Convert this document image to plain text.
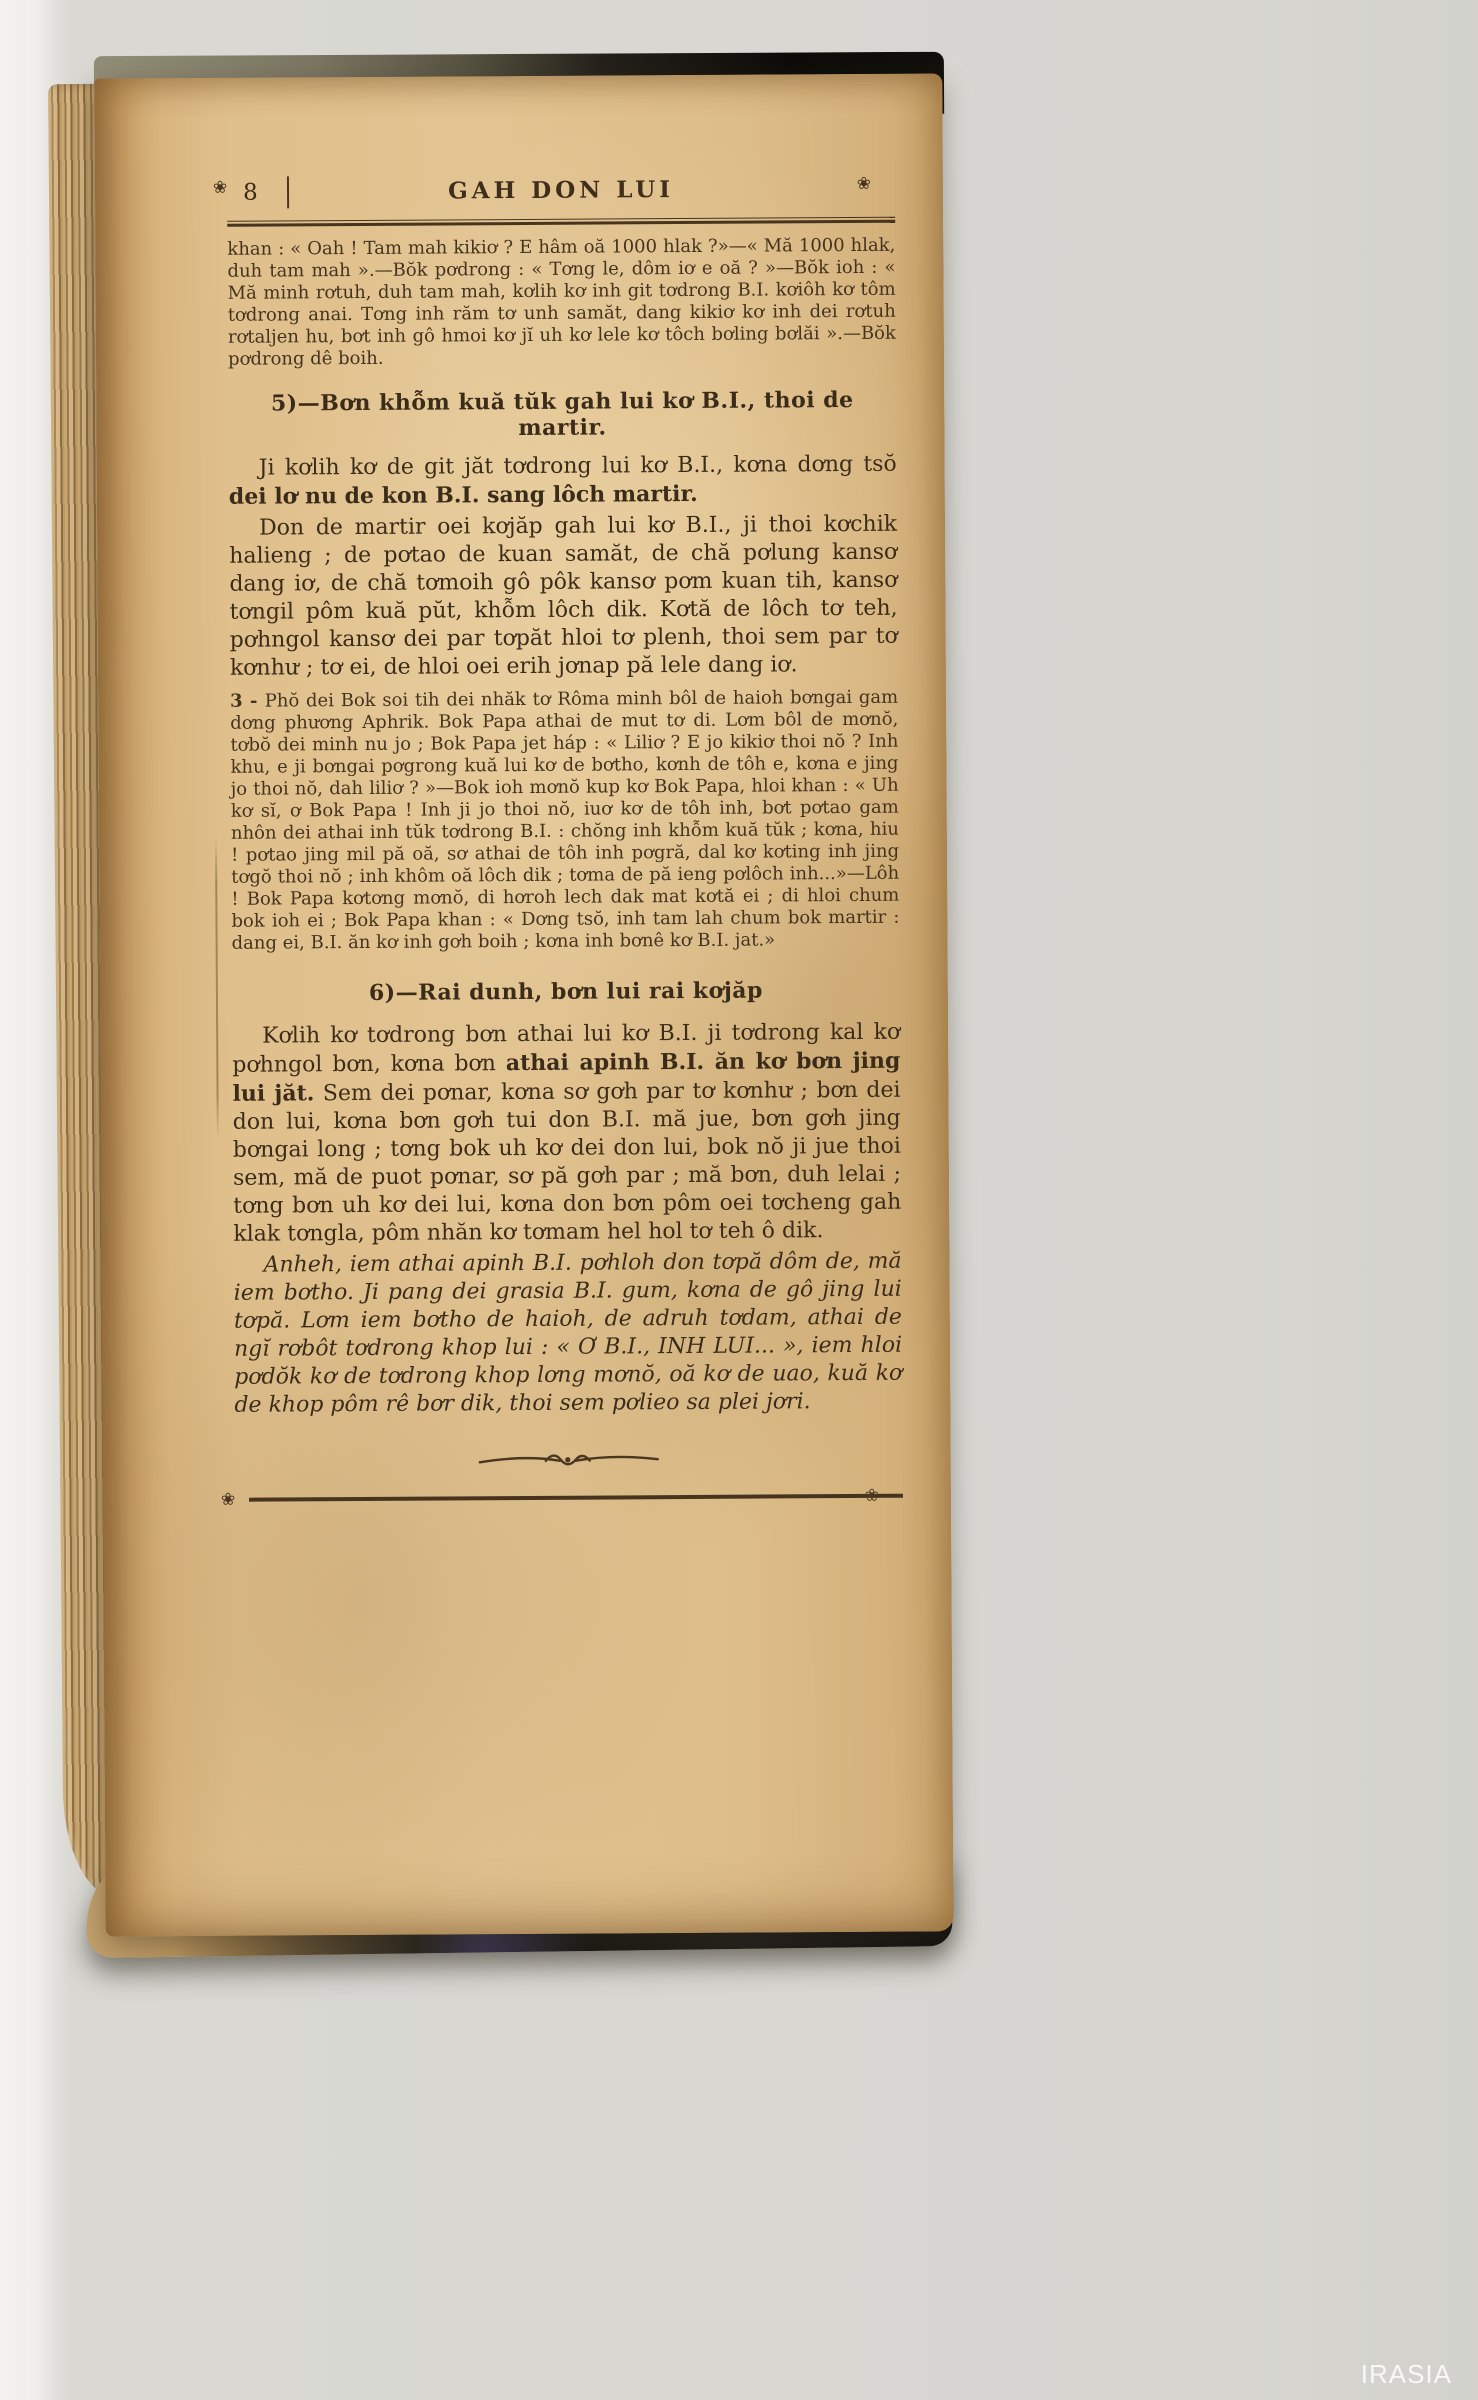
❀	❀
8	GAH DON LUI

khan : « Oah ! Tam mah kikiơ ? E hâm oă 1000 hlak ?»—« Mă 1000 hlak, duh tam mah ».—Bŏk pơdrong : « Tơng le, dôm iơ e oă ? »—Bŏk ioh : « Mă minh rơtuh, duh tam mah, kơlih kơ inh git tơdrong B.I. kơiôh kơ tôm tơdrong anai. Tơng inh răm tơ unh samăt, dang kikiơ kơ inh dei rơtuh rơtaljen hu, bơt inh gô hmoi kơ jĭ uh kơ lele kơ tôch bơling bơlăi ».—Bŏk pơdrong dê boih.

5)—Bơn khỗm kuă tŭk gah lui kơ B.I., thoi de martir.

Ji kơlih kơ de git jăt tơdrong lui kơ B.I., kơna dơng tsŏ dei lơ nu de kon B.I. sang lôch martir.

Don de martir oei kơjăp gah lui kơ B.I., ji thoi kơchik halieng ; de pơtao de kuan samăt, de chă pơlung kansơ dang iơ, de chă tơmoih gô pôk kansơ pơm kuan tih, kansơ tơngil pôm kuă pŭt, khỗm lôch dik. Kơtă de lôch tơ teh, pơhngol kansơ dei par tơpăt hloi tơ plenh, thoi sem par tơ kơnhư ; tơ ei, de hloi oei erih jơnap pă lele dang iơ.

3 - Phŏ dei Bok soi tih dei nhăk tơ Rôma minh bôl de haioh bơngai gam dơng phương Aphrik. Bok Papa athai de mut tơ di. Lơm bôl de mơnŏ, tơbŏ dei minh nu jo ; Bok Papa jet háp : « Liliơ ? E jo kikiơ thoi nŏ ? Inh khu, e ji bơngai pơgrong kuă lui kơ de bơtho, kơnh de tôh e, kơna e jing jo thoi nŏ, dah liliơ ? »—Bok ioh mơnŏ kup kơ Bok Papa, hloi khan : « Uh kơ sĭ, ơ Bok Papa ! Inh ji jo thoi nŏ, iuơ kơ de tôh inh, bơt pơtao gam nhôn dei athai inh tŭk tơdrong B.I. : chŏng inh khỗm kuă tŭk ; kơna, hiu ! pơtao jing mil pă oă, sơ athai de tôh inh pơgră, dal kơ kơting inh jing tơgŏ thoi nŏ ; inh khôm oă lôch dik ; tơma de pă ieng pơlôch inh...»—Lôh ! Bok Papa kơtơng mơnŏ, di hơroh lech dak mat kơtă ei ; di hloi chum bok ioh ei ; Bok Papa khan : « Dơng tsŏ, inh tam lah chum bok martir : dang ei, B.I. ăn kơ inh gơh boih ; kơna inh bơnê kơ B.I. jat.»

6)—Rai dunh, bơn lui rai kơjăp

Kơlih kơ tơdrong bơn athai lui kơ B.I. ji tơdrong kal kơ pơhngol bơn, kơna bơn athai apinh B.I. ăn kơ bơn jing lui jăt. Sem dei pơnar, kơna sơ gơh par tơ kơnhư ; bơn dei don lui, kơna bơn gơh tui don B.I. mă jue, bơn gơh jing bơngai long ; tơng bok uh kơ dei don lui, bok nŏ ji jue thoi sem, mă de puot pơnar, sơ pă gơh par ; mă bơn, duh lelai ; tơng bơn uh kơ dei lui, kơna don bơn pôm oei tơcheng gah klak tơngla, pôm nhăn kơ tơmam hel hol tơ teh ô dik.

Anheh, iem athai apinh B.I. pơhloh don tơpă dôm de, mă iem bơtho. Ji pang dei grasia B.I. gum, kơna de gô jing lui tơpă. Lơm iem bơtho de haioh, de adruh tơdam, athai de ngĭ rơbôt tơdrong khop lui : « Ơ B.I., INH LUI... », iem hloi pơdŏk kơ de tơdrong khop lơng mơnŏ, oă kơ de uao, kuă kơ de khop pôm rê bơr dik, thoi sem pơlieo sa plei jơri.

❀	❀
IRASIA
